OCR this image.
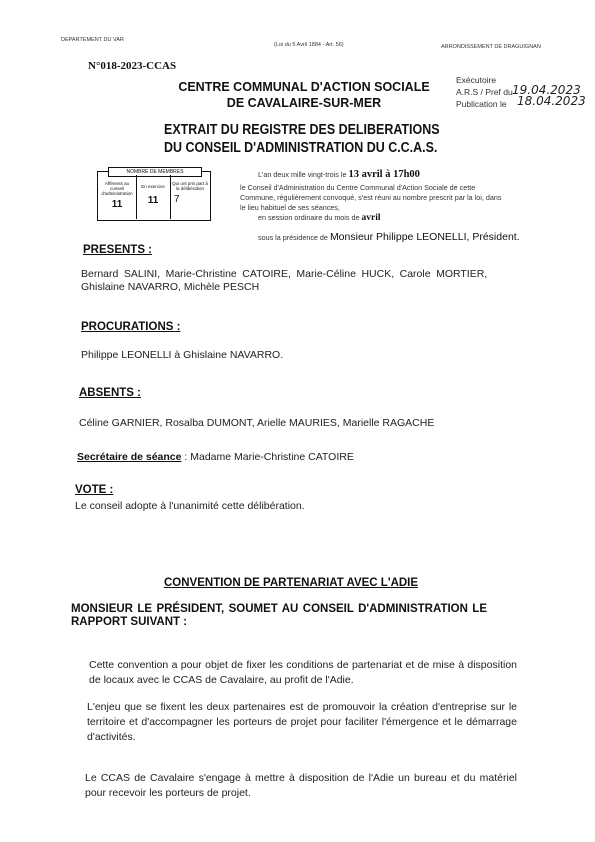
DEPARTEMENT DU VAR
(Loi du 5 Avril 1884 - Art. 56)	ARRONDISSEMENT DE DRAGUIGNAN
N°018-2023-CCAS
CENTRE COMMUNAL D'ACTION SOCIALE
DE CAVALAIRE-SUR-MER
Exécutoire
A.R.S / Pref du 19.04.2023
Publication le 18.04.2023
EXTRAIT DU REGISTRE DES DELIBERATIONS
DU CONSEIL D'ADMINISTRATION DU C.C.A.S.
NOMBRE DE MEMBRES
Afférents au conseil d'administration
11
En exercice
11
Qui ont pris part à la délibération
7
L'an deux mille vingt-trois le 13 avril à 17h00
le Conseil d'Administration du Centre Communal d'Action Sociale de cette
Commune, régulièrement convoqué, s'est réuni au nombre prescrit par la loi, dans
le lieu habituel de ses séances,
en session ordinaire du mois de avril
sous la présidence de Monsieur Philippe LEONELLI, Président.
PRESENTS :
Bernard SALINI, Marie-Christine CATOIRE, Marie-Céline HUCK, Carole MORTIER,
Ghislaine NAVARRO, Michèle PESCH
PROCURATIONS :
Philippe LEONELLI à Ghislaine NAVARRO.
ABSENTS :
Céline GARNIER, Rosalba DUMONT, Arielle MAURIES, Marielle RAGACHE
Secrétaire de séance : Madame Marie-Christine CATOIRE
VOTE :
Le conseil adopte à l'unanimité cette délibération.
CONVENTION DE PARTENARIAT AVEC L'ADIE
MONSIEUR LE PRÉSIDENT, SOUMET AU CONSEIL D'ADMINISTRATION LE
RAPPORT SUIVANT :
Cette convention a pour objet de fixer les conditions de partenariat et de mise à disposition de locaux avec le CCAS de Cavalaire, au profit de l'Adie.
L'enjeu que se fixent les deux partenaires est de promouvoir la création d'entreprise sur le territoire et d'accompagner les porteurs de projet pour faciliter l'émergence et le démarrage d'activités.
Le CCAS de Cavalaire s'engage à mettre à disposition de l'Adie un bureau et du matériel pour recevoir les porteurs de projet.
